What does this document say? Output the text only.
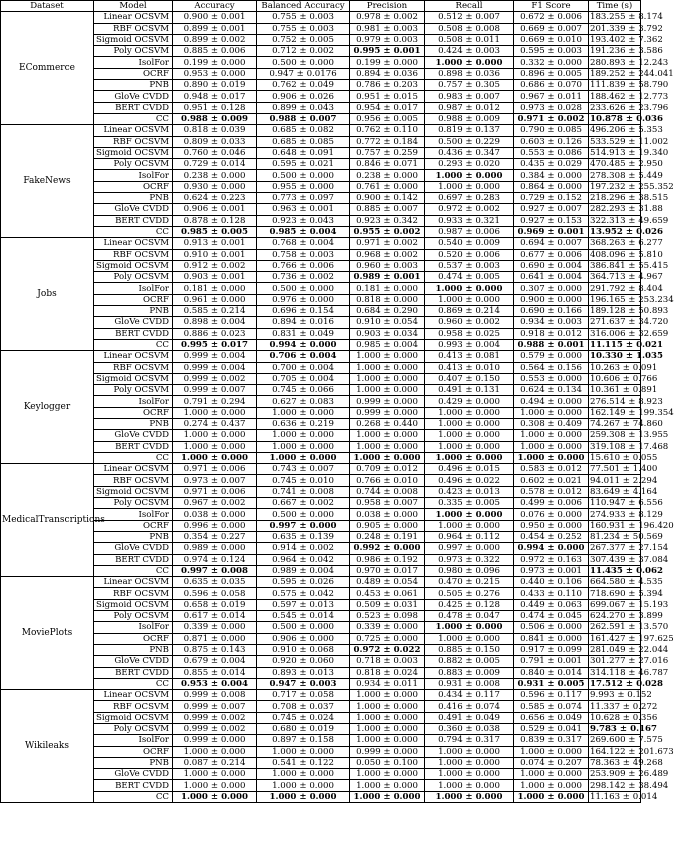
Dataset	Model	Accuracy	Balanced Accuracy	Precision	Recall	F1 Score	Time (s)
ECommerce	Linear OCSVM	0.900 ± 0.001	0.755 ± 0.003	0.978 ± 0.002	0.512 ± 0.007	0.672 ± 0.006	183.255 ± 8.174
	RBF OCSVM	0.899 ± 0.001	0.755 ± 0.003	0.981 ± 0.003	0.508 ± 0.008	0.669 ± 0.007	201.339 ± 3.792
	Sigmoid OCSVM	0.899 ± 0.002	0.752 ± 0.005	0.979 ± 0.003	0.508 ± 0.011	0.669 ± 0.010	193.402 ± 7.362
	Poly OCSVM	0.885 ± 0.006	0.712 ± 0.002	0.995 ± 0.001	0.424 ± 0.003	0.595 ± 0.003	191.236 ± 3.586
	IsolFor	0.199 ± 0.000	0.500 ± 0.000	0.199 ± 0.000	1.000 ± 0.000	0.332 ± 0.000	280.893 ± 12.243
	OCRF	0.953 ± 0.000	0.947 ± 0.0176	0.894 ± 0.036	0.898 ± 0.036	0.896 ± 0.005	189.252 ± 244.041
	PNB	0.890 ± 0.019	0.762 ± 0.049	0.786 ± 0.203	0.757 ± 0.305	0.686 ± 0.070	111.839 ± 58.790
	GloVe CVDD	0.948 ± 0.017	0.906 ± 0.026	0.951 ± 0.015	0.983 ± 0.007	0.967 ± 0.011	188.462 ± 12.773
	BERT CVDD	0.951 ± 0.128	0.899 ± 0.043	0.954 ± 0.017	0.987 ± 0.012	0.973 ± 0.028	233.626 ± 23.796
	CC	0.988 ± 0.009	0.988 ± 0.007	0.956 ± 0.005	0.988 ± 0.009	0.971 ± 0.002	10.878 ± 0.036
FakeNews	Linear OCSVM	0.818 ± 0.039	0.685 ± 0.082	0.762 ± 0.110	0.819 ± 0.137	0.790 ± 0.085	496.206 ± 5.353
	RBF OCSVM	0.809 ± 0.033	0.685 ± 0.085	0.772 ± 0.184	0.500 ± 0.229	0.603 ± 0.126	533.529 ± 11.002
	Sigmoid OCSVM	0.760 ± 0.046	0.648 ± 0.091	0.757 ± 0.259	0.436 ± 0.347	0.553 ± 0.086	514.913 ± 19.340
	Poly OCSVM	0.729 ± 0.014	0.595 ± 0.021	0.846 ± 0.071	0.293 ± 0.020	0.435 ± 0.029	470.485 ± 2.950
	IsolFor	0.238 ± 0.000	0.500 ± 0.000	0.238 ± 0.000	1.000 ± 0.000	0.384 ± 0.000	278.308 ± 5.449
	OCRF	0.930 ± 0.000	0.955 ± 0.000	0.761 ± 0.000	1.000 ± 0.000	0.864 ± 0.000	197.232 ± 255.352
	PNB	0.624 ± 0.223	0.773 ± 0.097	0.900 ± 0.142	0.697 ± 0.283	0.729 ± 0.152	218.296 ± 38.515
	GloVe CVDD	0.906 ± 0.001	0.963 ± 0.001	0.885 ± 0.007	0.972 ± 0.002	0.927 ± 0.007	282.293 ± 31.88
	BERT CVDD	0.878 ± 0.128	0.923 ± 0.043	0.923 ± 0.342	0.933 ± 0.321	0.927 ± 0.153	322.313 ± 49.659
	CC	0.985 ± 0.005	0.985 ± 0.004	0.955 ± 0.002	0.987 ± 0.006	0.969 ± 0.001	13.952 ± 0.026
Jobs	Linear OCSVM	0.913 ± 0.001	0.768 ± 0.004	0.971 ± 0.002	0.540 ± 0.009	0.694 ± 0.007	368.263 ± 6.277
	RBF OCSVM	0.910 ± 0.001	0.758 ± 0.003	0.968 ± 0.002	0.520 ± 0.006	0.677 ± 0.006	408.096 ± 5.810
	Sigmoid OCSVM	0.912 ± 0.002	0.766 ± 0.006	0.960 ± 0.003	0.537 ± 0.003	0.690 ± 0.004	386.841 ± 55.415
	Poly OCSVM	0.903 ± 0.001	0.736 ± 0.002	0.989 ± 0.001	0.474 ± 0.005	0.641 ± 0.004	364.713 ± 4.967
	IsolFor	0.181 ± 0.000	0.500 ± 0.000	0.181 ± 0.000	1.000 ± 0.000	0.307 ± 0.000	291.792 ± 8.404
	OCRF	0.961 ± 0.000	0.976 ± 0.000	0.818 ± 0.000	1.000 ± 0.000	0.900 ± 0.000	196.165 ± 253.234
	PNB	0.585 ± 0.214	0.696 ± 0.154	0.684 ± 0.290	0.869 ± 0.214	0.690 ± 0.166	189.128 ± 50.893
	GloVe CVDD	0.898 ± 0.004	0.894 ± 0.016	0.910 ± 0.054	0.960 ± 0.002	0.934 ± 0.003	271.637 ± 34.720
	BERT CVDD	0.886 ± 0.023	0.831 ± 0.049	0.903 ± 0.034	0.958 ± 0.025	0.918 ± 0.012	316.006 ± 32.659
	CC	0.995 ± 0.017	0.994 ± 0.000	0.985 ± 0.004	0.993 ± 0.004	0.988 ± 0.001	11.115 ± 0.021
Keylogger	Linear OCSVM	0.999 ± 0.004	0.706 ± 0.004	1.000 ± 0.000	0.413 ± 0.081	0.579 ± 0.000	10.330 ± 1.035
	RBF OCSVM	0.999 ± 0.004	0.700 ± 0.004	1.000 ± 0.000	0.413 ± 0.010	0.564 ± 0.156	10.263 ± 0.091
	Sigmoid OCSVM	0.999 ± 0.002	0.705 ± 0.004	1.000 ± 0.000	0.407 ± 0.150	0.553 ± 0.000	10.606 ± 0.766
	Poly OCSVM	0.999 ± 0.007	0.745 ± 0.066	1.000 ± 0.000	0.491 ± 0.131	0.624 ± 0.134	10.361 ± 0.891
	IsolFor	0.791 ± 0.294	0.627 ± 0.083	0.999 ± 0.000	0.429 ± 0.000	0.494 ± 0.000	276.514 ± 8.923
	OCRF	1.000 ± 0.000	1.000 ± 0.000	0.999 ± 0.000	1.000 ± 0.000	1.000 ± 0.000	162.149 ± 199.354
	PNB	0.274 ± 0.437	0.636 ± 0.219	0.268 ± 0.440	1.000 ± 0.000	0.308 ± 0.409	74.267 ± 74.860
	GloVe CVDD	1.000 ± 0.000	1.000 ± 0.000	1.000 ± 0.000	1.000 ± 0.000	1.000 ± 0.000	259.308 ± 13.955
	BERT CVDD	1.000 ± 0.000	1.000 ± 0.000	1.000 ± 0.000	1.000 ± 0.000	1.000 ± 0.000	319.108 ± 17.468
	CC	1.000 ± 0.000	1.000 ± 0.000	1.000 ± 0.000	1.000 ± 0.000	1.000 ± 0.000	15.610 ± 0.055
MedicalTranscriptions	Linear OCSVM	0.971 ± 0.006	0.743 ± 0.007	0.709 ± 0.012	0.496 ± 0.015	0.583 ± 0.012	77.501 ± 1.400
	RBF OCSVM	0.973 ± 0.007	0.745 ± 0.010	0.766 ± 0.010	0.496 ± 0.022	0.602 ± 0.021	94.011 ± 2.294
	Sigmoid OCSVM	0.971 ± 0.006	0.741 ± 0.008	0.744 ± 0.008	0.423 ± 0.013	0.578 ± 0.012	83.649 ± 4.164
	Poly OCSVM	0.967 ± 0.002	0.667 ± 0.002	0.958 ± 0.007	0.335 ± 0.005	0.499 ± 0.006	110.947 ± 6.556
	IsolFor	0.038 ± 0.000	0.500 ± 0.000	0.038 ± 0.000	1.000 ± 0.000	0.076 ± 0.000	274.933 ± 8.129
	OCRF	0.996 ± 0.000	0.997 ± 0.000	0.905 ± 0.000	1.000 ± 0.000	0.950 ± 0.000	160.931 ± 196.420
	PNB	0.354 ± 0.227	0.635 ± 0.139	0.248 ± 0.191	0.964 ± 0.112	0.454 ± 0.252	81.234 ± 50.569
	GloVe CVDD	0.989 ± 0.000	0.914 ± 0.002	0.992 ± 0.000	0.997 ± 0.000	0.994 ± 0.000	267.377 ± 27.154
	BERT CVDD	0.974 ± 0.124	0.964 ± 0.042	0.986 ± 0.192	0.973 ± 0.322	0.972 ± 0.163	307.439 ± 37.084
	CC	0.997 ± 0.008	0.989 ± 0.004	0.970 ± 0.017	0.980 ± 0.096	0.973 ± 0.001	11.435 ± 0.062
MoviePlots	Linear OCSVM	0.635 ± 0.035	0.595 ± 0.026	0.489 ± 0.054	0.470 ± 0.215	0.440 ± 0.106	664.580 ± 4.535
	RBF OCSVM	0.596 ± 0.058	0.575 ± 0.042	0.453 ± 0.061	0.505 ± 0.276	0.433 ± 0.110	718.690 ± 5.394
	Sigmoid OCSVM	0.658 ± 0.019	0.597 ± 0.013	0.509 ± 0.031	0.425 ± 0.128	0.449 ± 0.063	699.067 ± 15.193
	Poly OCSVM	0.617 ± 0.014	0.545 ± 0.014	0.523 ± 0.098	0.478 ± 0.047	0.474 ± 0.045	624.270 ± 3.899
	IsolFor	0.339 ± 0.000	0.500 ± 0.000	0.339 ± 0.000	1.000 ± 0.000	0.506 ± 0.000	262.591 ± 13.570
	OCRF	0.871 ± 0.000	0.906 ± 0.000	0.725 ± 0.000	1.000 ± 0.000	0.841 ± 0.000	161.427 ± 197.625
	PNB	0.875 ± 0.143	0.910 ± 0.068	0.972 ± 0.022	0.885 ± 0.150	0.917 ± 0.099	281.049 ± 22.044
	GloVe CVDD	0.679 ± 0.004	0.920 ± 0.060	0.718 ± 0.003	0.882 ± 0.005	0.791 ± 0.001	301.277 ± 27.016
	BERT CVDD	0.855 ± 0.014	0.893 ± 0.013	0.818 ± 0.024	0.883 ± 0.009	0.840 ± 0.014	314.118 ± 46.787
	CC	0.953 ± 0.004	0.947 ± 0.003	0.934 ± 0.011	0.931 ± 0.008	0.931 ± 0.005	17.512 ± 0.028
Wikileaks	Linear OCSVM	0.999 ± 0.008	0.717 ± 0.058	1.000 ± 0.000	0.434 ± 0.117	0.596 ± 0.117	9.993 ± 0.152
	RBF OCSVM	0.999 ± 0.007	0.708 ± 0.037	1.000 ± 0.000	0.416 ± 0.074	0.585 ± 0.074	11.337 ± 0.272
	Sigmoid OCSVM	0.999 ± 0.002	0.745 ± 0.024	1.000 ± 0.000	0.491 ± 0.049	0.656 ± 0.049	10.628 ± 0.356
	Poly OCSVM	0.999 ± 0.002	0.680 ± 0.019	1.000 ± 0.000	0.360 ± 0.038	0.529 ± 0.041	9.783 ± 0.167
	IsolFor	0.999 ± 0.000	0.897 ± 0.158	1.000 ± 0.000	0.794 ± 0.317	0.839 ± 0.317	269.600 ± 7.575
	OCRF	1.000 ± 0.000	1.000 ± 0.000	0.999 ± 0.000	1.000 ± 0.000	1.000 ± 0.000	164.122 ± 201.673
	PNB	0.087 ± 0.214	0.541 ± 0.122	0.050 ± 0.100	1.000 ± 0.000	0.074 ± 0.207	78.363 ± 49.268
	GloVe CVDD	1.000 ± 0.000	1.000 ± 0.000	1.000 ± 0.000	1.000 ± 0.000	1.000 ± 0.000	253.909 ± 26.489
	BERT CVDD	1.000 ± 0.000	1.000 ± 0.000	1.000 ± 0.000	1.000 ± 0.000	1.000 ± 0.000	298.142 ± 38.494
	CC	1.000 ± 0.000	1.000 ± 0.000	1.000 ± 0.000	1.000 ± 0.000	1.000 ± 0.000	11.163 ± 0.014
